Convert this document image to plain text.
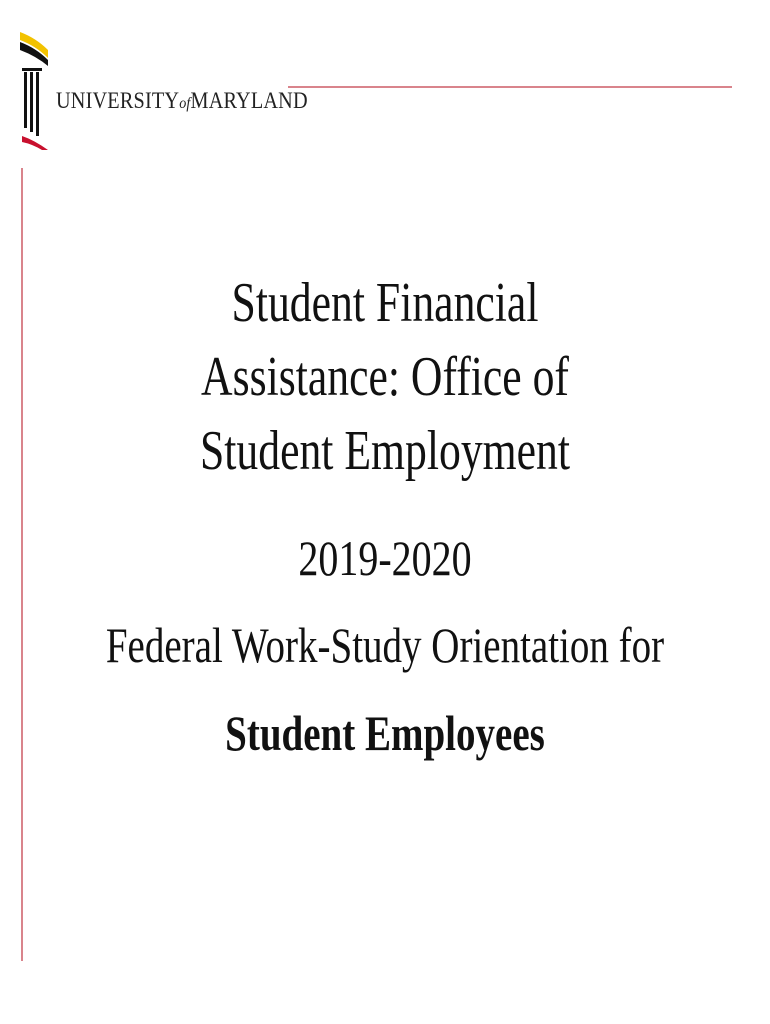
UNIVERSITYofMARYLAND
Student Financial Assistance: Office of Student Employment
2019-2020
Federal Work-Study Orientation for
Student Employees
